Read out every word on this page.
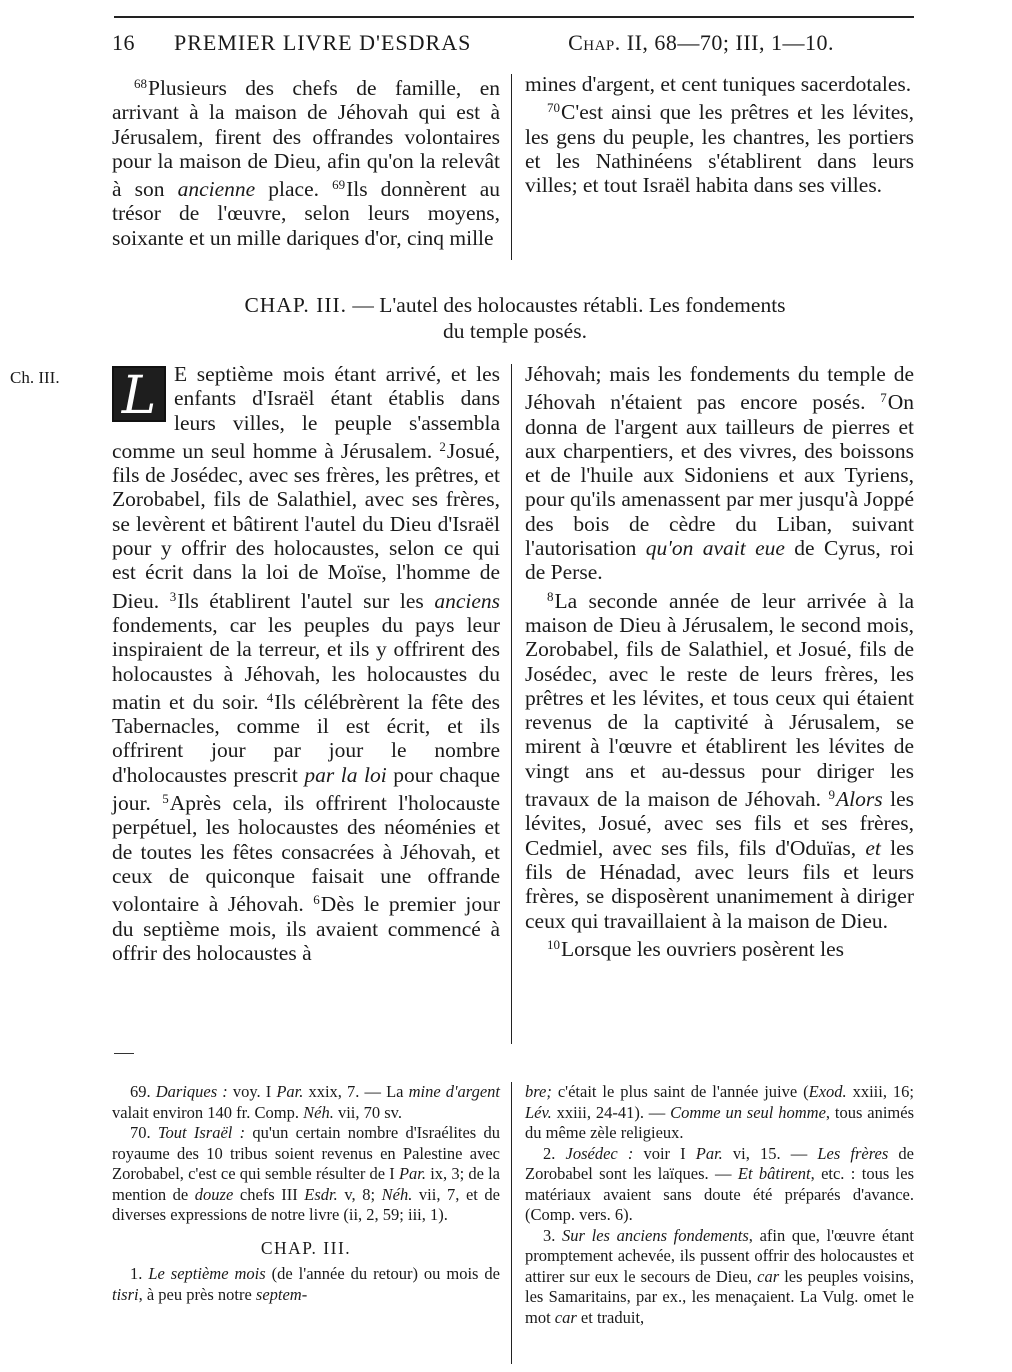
16 PREMIER LIVRE D'ESDRAS	Chap. II, 68—70; III, 1—10.

$^{68}$Plusieurs des chefs de famille, en arrivant à la maison de Jéhovah qui est à Jérusalem, firent des offrandes volontaires pour la maison de Dieu, afin qu'on la relevât à son ancienne place. $^{69}$Ils donnèrent au trésor de l'œuvre, selon leurs moyens, soixante et un mille dariques d'or, cinq mille

mines d'argent, et cent tuniques sacerdotales.

$^{70}$C'est ainsi que les prêtres et les lévites, les gens du peuple, les chantres, les portiers et les Nathinéens s'établirent dans leurs villes; et tout Israël habita dans ses villes.

CHAP. III. — L'autel des holocaustes rétabli. Les fondements
du temple posés.
Ch. III. L E septième mois étant arrivé, et les enfants d'Israël étant établis dans leurs villes, le peuple s'assembla comme un seul homme à Jérusalem. $^2$Josué, fils de Josédec, avec ses frères, les prêtres, et Zorobabel, fils de Salathiel, avec ses frères, se levèrent et bâtirent l'autel du Dieu d'Israël pour y offrir des holocaustes, selon ce qui est écrit dans la loi de Moïse, l'homme de Dieu. $^3$Ils établirent l'autel sur les anciens fondements, car les peuples du pays leur inspiraient de la terreur, et ils y offrirent des holocaustes à Jéhovah, les holocaustes du matin et du soir. $^4$Ils célébrèrent la fête des Tabernacles, comme il est écrit, et ils offrirent jour par jour le nombre d'holocaustes prescrit par la loi pour chaque jour. $^5$Après cela, ils offrirent l'holocauste perpétuel, les holocaustes des néoménies et de toutes les fêtes consacrées à Jéhovah, et ceux de quiconque faisait une offrande volontaire à Jéhovah. $^6$Dès le premier jour du septième mois, ils avaient commencé à offrir des holocaustes à

Jéhovah; mais les fondements du temple de Jéhovah n'étaient pas encore posés. $^7$On donna de l'argent aux tailleurs de pierres et aux charpentiers, et des vivres, des boissons et de l'huile aux Sidoniens et aux Tyriens, pour qu'ils amenassent par mer jusqu'à Joppé des bois de cèdre du Liban, suivant l'autorisation qu'on avait eue de Cyrus, roi de Perse.

$^8$La seconde année de leur arrivée à la maison de Dieu à Jérusalem, le second mois, Zorobabel, fils de Salathiel, et Josué, fils de Josédec, avec le reste de leurs frères, les prêtres et les lévites, et tous ceux qui étaient revenus de la captivité à Jérusalem, se mirent à l'œuvre et établirent les lévites de vingt ans et au-dessus pour diriger les travaux de la maison de Jéhovah. $^9$Alors les lévites, Josué, avec ses fils et ses frères, Cedmiel, avec ses fils, fils d'Oduïas, et les fils de Hénadad, avec leurs fils et leurs frères, se disposèrent unanimement à diriger ceux qui travaillaient à la maison de Dieu.

$^{10}$Lorsque les ouvriers posèrent les

69. Dariques : voy. I Par. xxix, 7. — La mine d'argent valait environ 140 fr. Comp. Néh. vii, 70 sv.

70. Tout Israël : qu'un certain nombre d'Israélites du royaume des 10 tribus soient revenus en Palestine avec Zorobabel, c'est ce qui semble résulter de I Par. ix, 3; de la mention de douze chefs III Esdr. v, 8; Néh. vii, 7, et de diverses expressions de notre livre (ii, 2, 59; iii, 1).

CHAP. III.

1. Le septième mois (de l'année du retour) ou mois de tisri, à peu près notre septem-

bre; c'était le plus saint de l'année juive (Exod. xxiii, 16; Lév. xxiii, 24-41). — Comme un seul homme, tous animés du même zèle religieux.

2. Josédec : voir I Par. vi, 15. — Les frères de Zorobabel sont les laïques. — Et bâtirent, etc. : tous les matériaux avaient sans doute été préparés d'avance. (Comp. vers. 6).

3. Sur les anciens fondements, afin que, l'œuvre étant promptement achevée, ils pussent offrir des holocaustes et attirer sur eux le secours de Dieu, car les peuples voisins, les Samaritains, par ex., les menaçaient. La Vulg. omet le mot car et traduit,
